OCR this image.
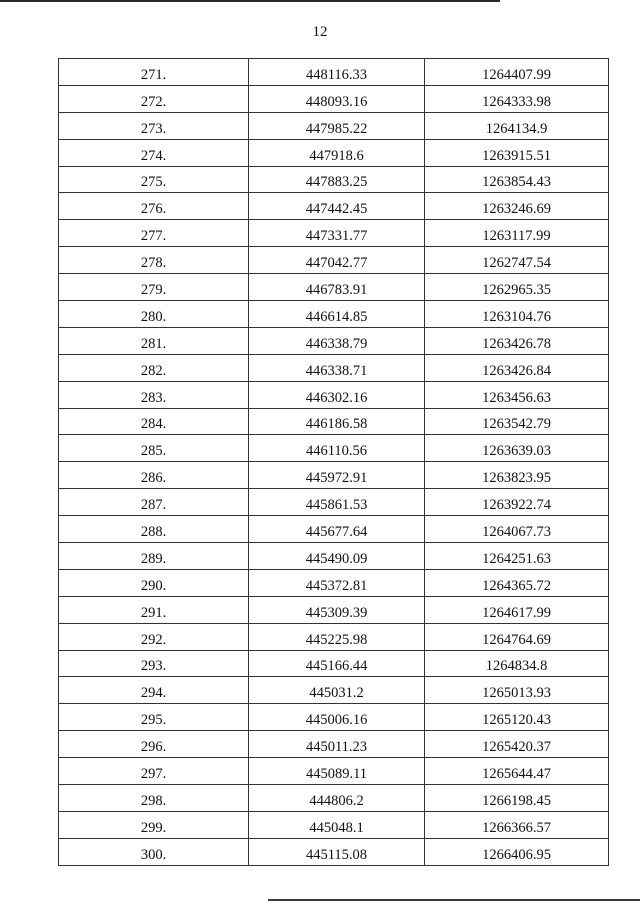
12
271.	448116.33	1264407.99
272.	448093.16	1264333.98
273.	447985.22	1264134.9
274.	447918.6	1263915.51
275.	447883.25	1263854.43
276.	447442.45	1263246.69
277.	447331.77	1263117.99
278.	447042.77	1262747.54
279.	446783.91	1262965.35
280.	446614.85	1263104.76
281.	446338.79	1263426.78
282.	446338.71	1263426.84
283.	446302.16	1263456.63
284.	446186.58	1263542.79
285.	446110.56	1263639.03
286.	445972.91	1263823.95
287.	445861.53	1263922.74
288.	445677.64	1264067.73
289.	445490.09	1264251.63
290.	445372.81	1264365.72
291.	445309.39	1264617.99
292.	445225.98	1264764.69
293.	445166.44	1264834.8
294.	445031.2	1265013.93
295.	445006.16	1265120.43
296.	445011.23	1265420.37
297.	445089.11	1265644.47
298.	444806.2	1266198.45
299.	445048.1	1266366.57
300.	445115.08	1266406.95
